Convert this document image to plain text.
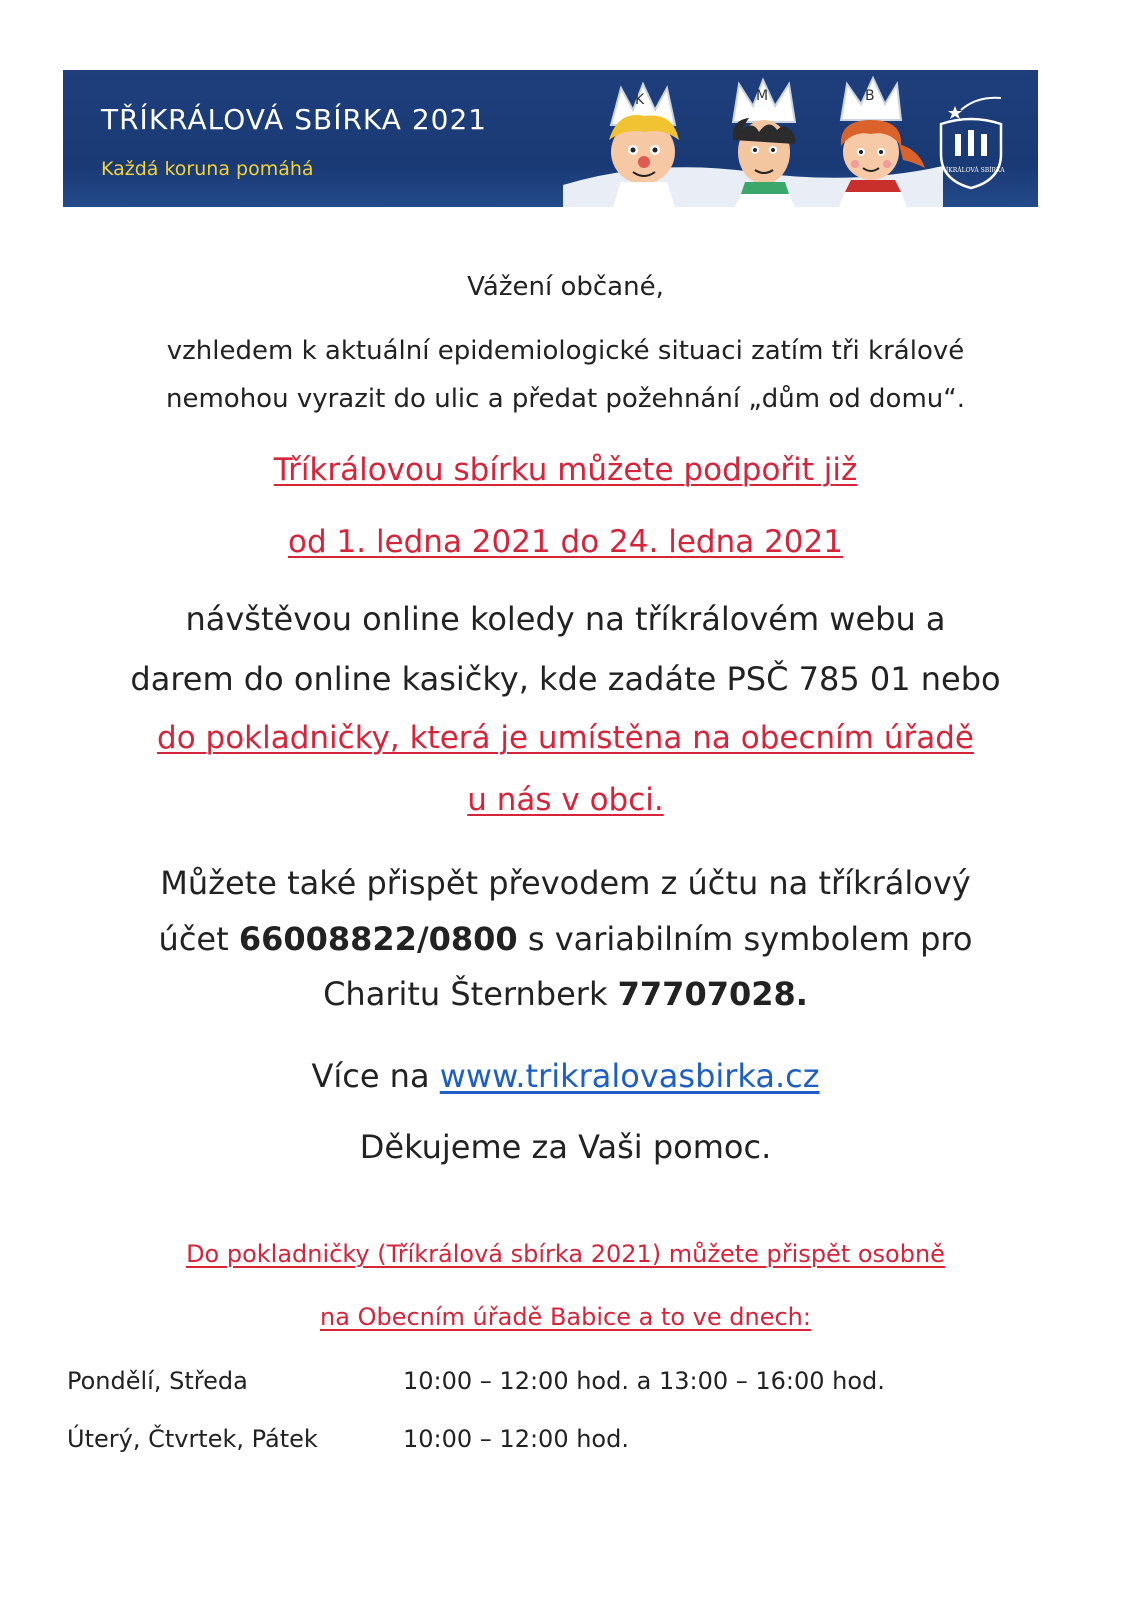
TŘÍKRÁLOVÁ SBÍRKA 2021
Každá koruna pomáhá
K	M	B
TŘÍKRÁLOVÁ SBÍRKA
Vážení občané,
vzhledem k aktuální epidemiologické situaci zatím tři králové
nemohou vyrazit do ulic a předat požehnání „dům od domu“.
Tříkrálovou sbírku můžete podpořit již
od 1. ledna 2021 do 24. ledna 2021
návštěvou online koledy na tříkrálovém webu a
darem do online kasičky, kde zadáte PSČ 785 01 nebo
do pokladničky, která je umístěna na obecním úřadě
u nás v obci.
Můžete také přispět převodem z účtu na tříkrálový
účet 66008822/0800 s variabilním symbolem pro
Charitu Šternberk 77707028.
Více na www.trikralovasbirka.cz
Děkujeme za Vaši pomoc.
Do pokladničky (Tříkrálová sbírka 2021) můžete přispět osobně
na Obecním úřadě Babice a to ve dnech:
Pondělí, Středa	10:00 – 12:00 hod. a 13:00 – 16:00 hod.
Úterý, Čtvrtek, Pátek	10:00 – 12:00 hod.
